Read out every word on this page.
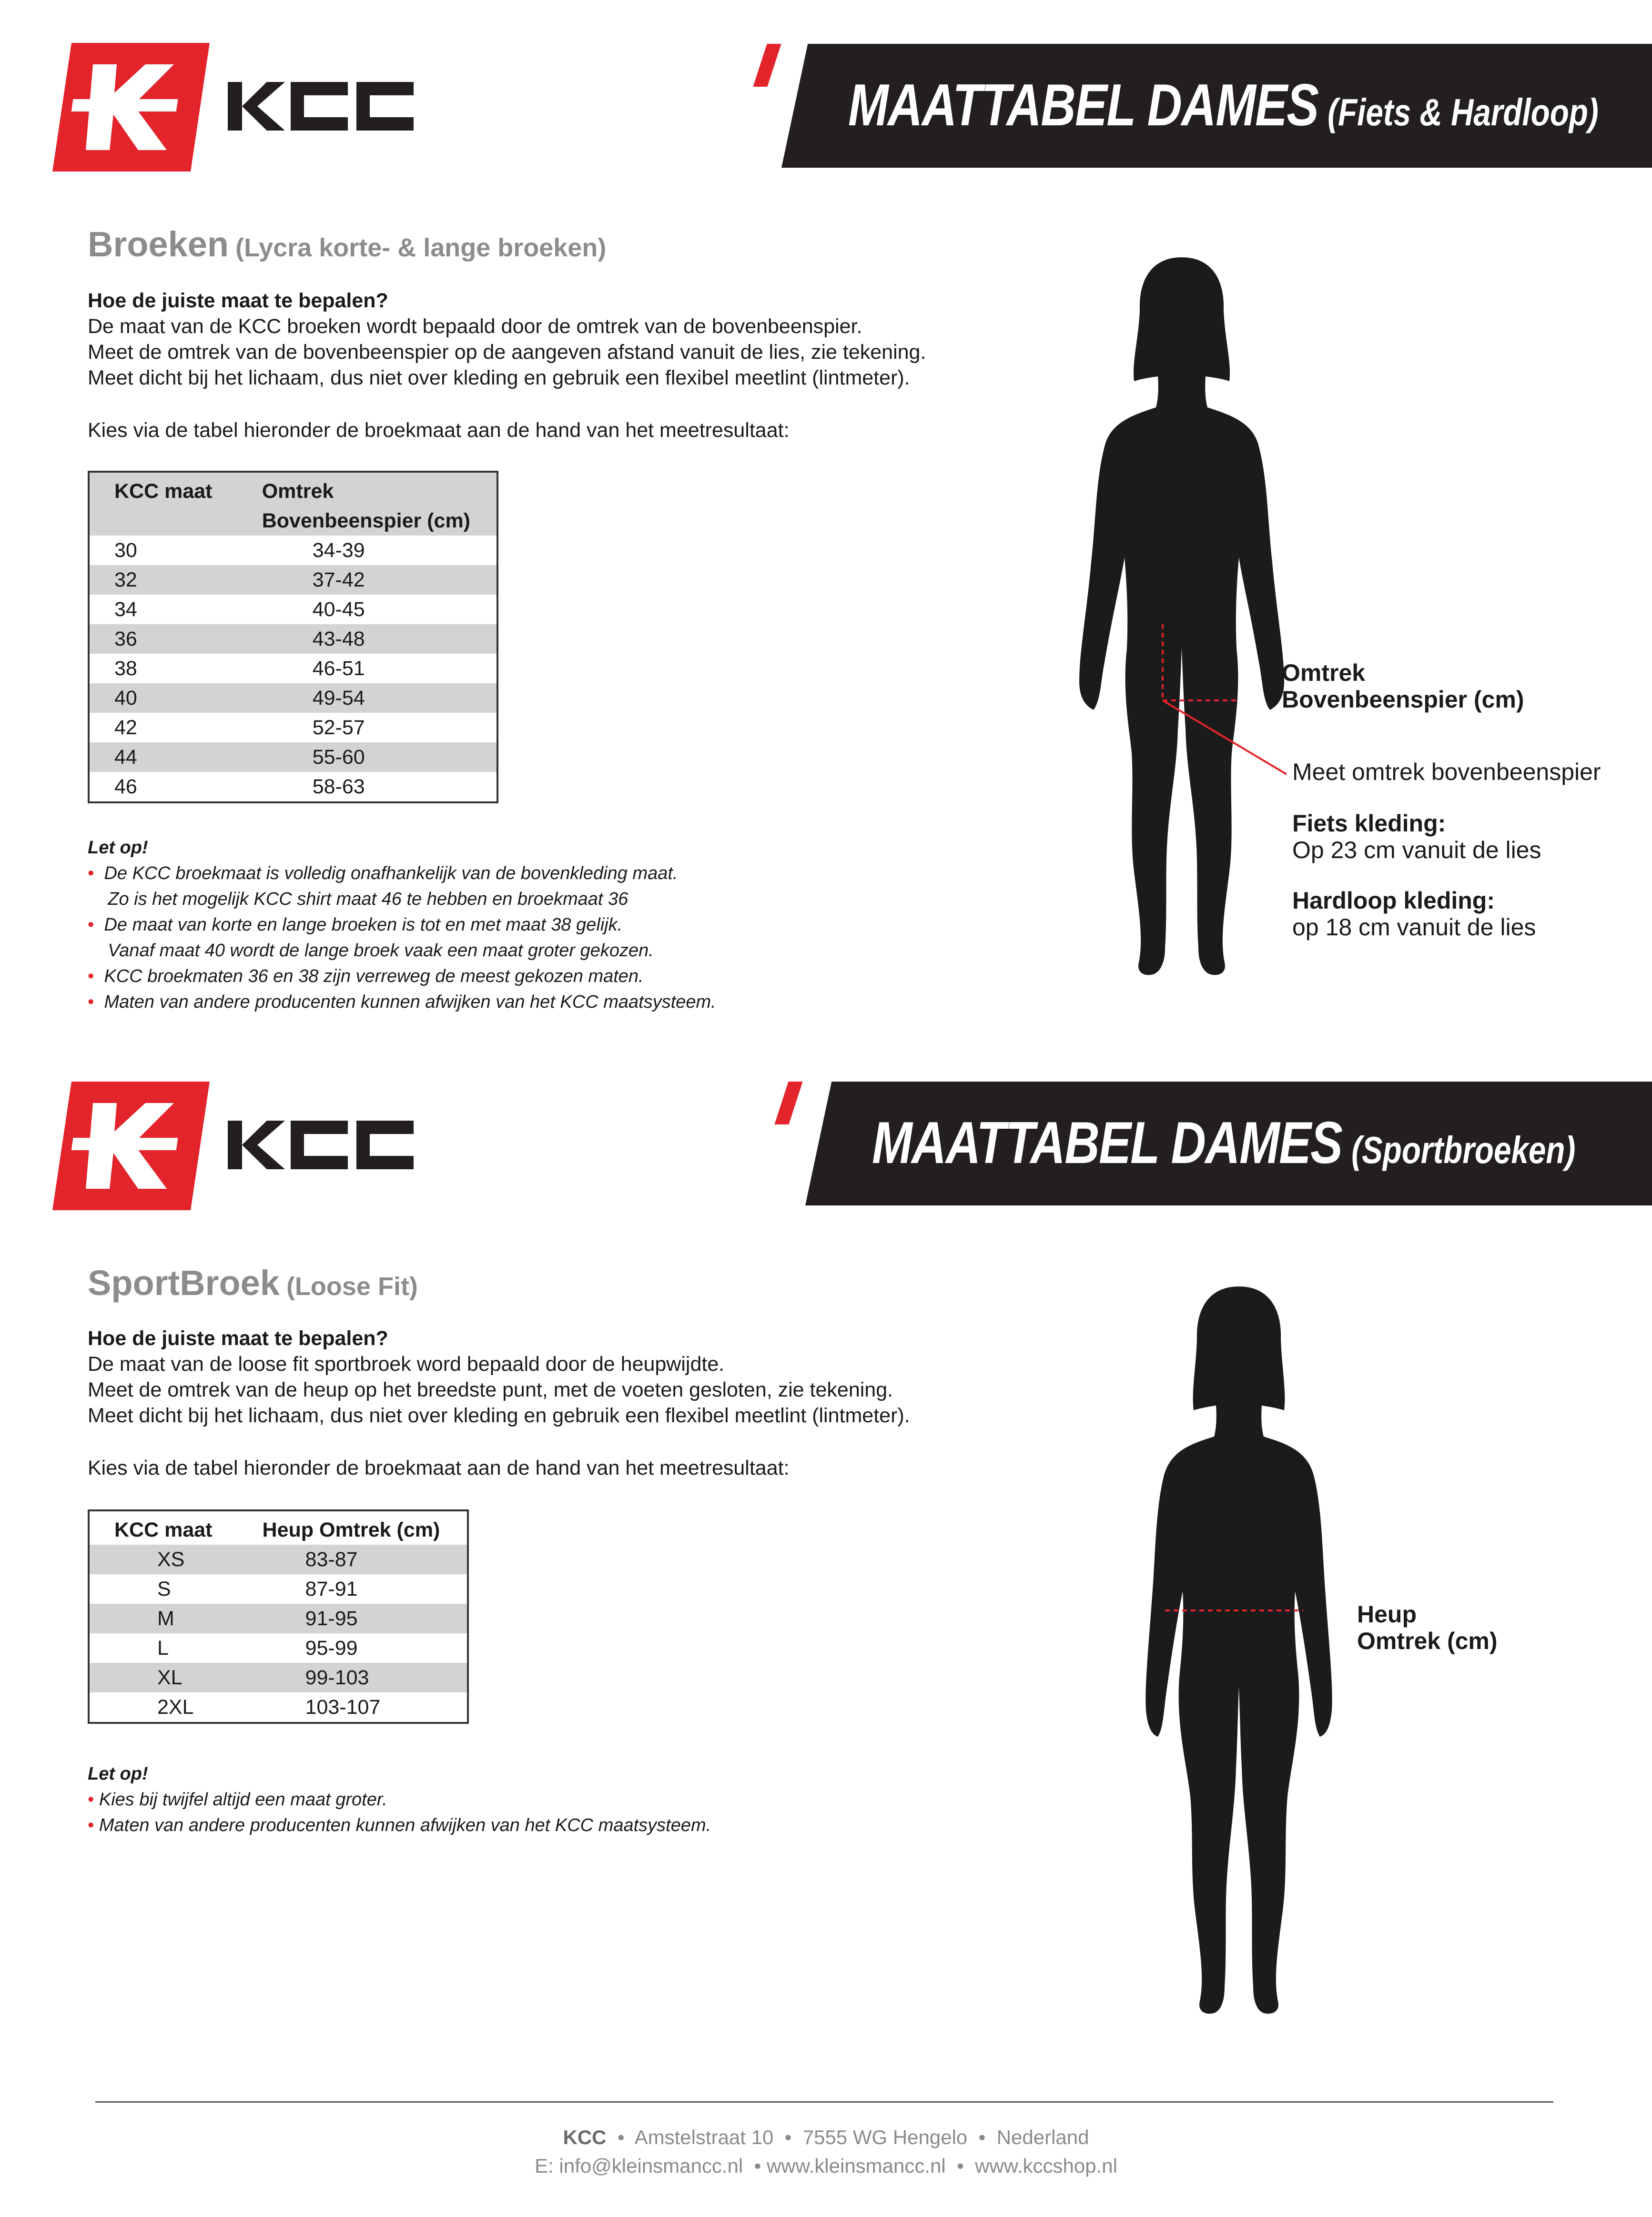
MAATTABEL DAMES (Fiets & Hardloop)
Broeken (Lycra korte- & lange broeken)

Hoe de juiste maat te bepalen?

De maat van de KCC broeken wordt bepaald door de omtrek van de bovenbeenspier.

Meet de omtrek van de bovenbeenspier op de aangeven afstand vanuit de lies, zie tekening.

Meet dicht bij het lichaam, dus niet over kleding en gebruik een flexibel meetlint (lintmeter).

Kies via de tabel hieronder de broekmaat aan de hand van het meetresultaat:
KCC maat	Omtrek
Bovenbeenspier (cm)
30	34-39
32	37-42
34	40-45
36	43-48
38	46-51
40	49-54
42	52-57
44	55-60
46	58-63

Let op!

• De KCC broekmaat is volledig onafhankelijk van de bovenkleding maat.

Zo is het mogelijk KCC shirt maat 46 te hebben en broekmaat 36

• De maat van korte en lange broeken is tot en met maat 38 gelijk.

Vanaf maat 40 wordt de lange broek vaak een maat groter gekozen.

• KCC broekmaten 36 en 38 zijn verreweg de meest gekozen maten.

• Maten van andere producenten kunnen afwijken van het KCC maatsysteem.

Omtrek
Bovenbeenspier (cm)
Meet omtrek bovenbeenspier
Fiets kleding:
Op 23 cm vanuit de lies
Hardloop kleding:
op 18 cm vanuit de lies
MAATTABEL DAMES (Sportbroeken)
SportBroek (Loose Fit)

Hoe de juiste maat te bepalen?

De maat van de loose fit sportbroek word bepaald door de heupwijdte.

Meet de omtrek van de heup op het breedste punt, met de voeten gesloten, zie tekening.

Meet dicht bij het lichaam, dus niet over kleding en gebruik een flexibel meetlint (lintmeter).

Kies via de tabel hieronder de broekmaat aan de hand van het meetresultaat:
KCC maat	Heup Omtrek (cm)
XS	83-87
S	87-91
M	91-95
L	95-99
XL	99-103
2XL	103-107

Let op!

• Kies bij twijfel altijd een maat groter.

• Maten van andere producenten kunnen afwijken van het KCC maatsysteem.

Heup
Omtrek (cm)
KCC  •  Amstelstraat 10  •  7555 WG Hengelo  •  Nederland
E: info@kleinsmancc.nl  • www.kleinsmancc.nl  •  www.kccshop.nl
